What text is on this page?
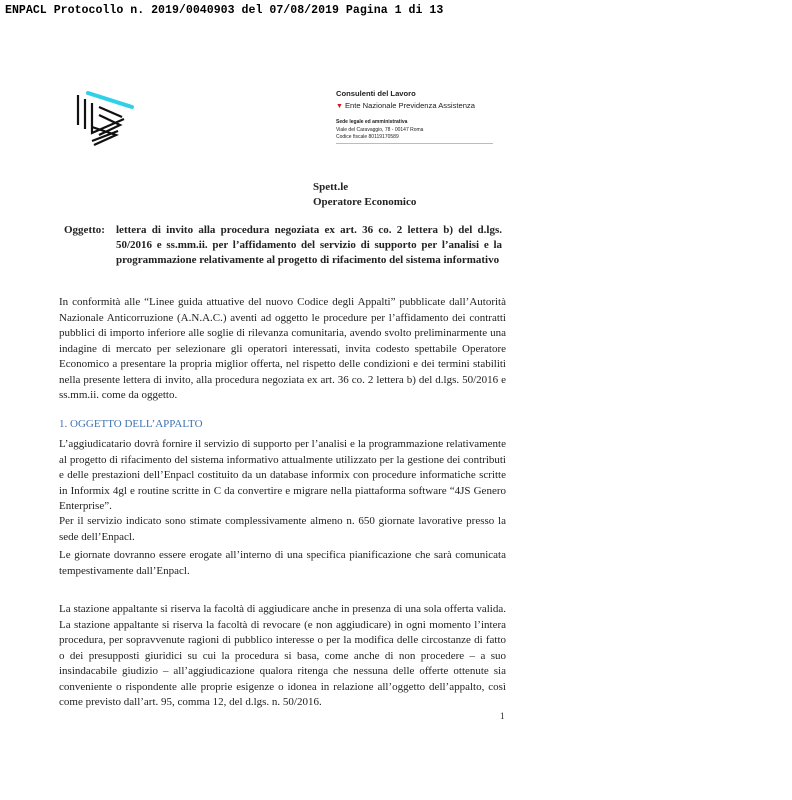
ENPACL Protocollo n. 2019/0040903 del 07/08/2019 Pagina 1 di 13
Consulenti del Lavoro
▼ Ente Nazionale Previdenza Assistenza
Sede legale ed amministrativa
Viale del Caravaggio, 78 - 00147 Roma
Codice fiscale 80119170589
Spett.le
Operatore Economico
Oggetto: lettera di invito alla procedura negoziata ex art. 36 co. 2 lettera b) del d.lgs. 50/2016 e ss.mm.ii. per l’affidamento del servizio di supporto per l’analisi e la programmazione relativamente al progetto di rifacimento del sistema informativo

In conformità alle “Linee guida attuative del nuovo Codice degli Appalti” pubblicate dall’Autorità Nazionale Anticorruzione (A.N.A.C.) aventi ad oggetto le procedure per l’affidamento dei contratti pubblici di importo inferiore alle soglie di rilevanza comunitaria, avendo svolto preliminarmente una indagine di mercato per selezionare gli operatori interessati, invita codesto spettabile Operatore Economico a presentare la propria miglior offerta, nel rispetto delle condizioni e dei termini stabiliti nella presente lettera di invito, alla procedura negoziata ex art. 36 co. 2 lettera b) del d.lgs. 50/2016 e ss.mm.ii. come da oggetto.

1. OGGETTO DELL’APPALTO

L’aggiudicatario dovrà fornire il servizio di supporto per l’analisi e la programmazione relativamente al progetto di rifacimento del sistema informativo attualmente utilizzato per la gestione dei contributi e delle prestazioni dell’Enpacl costituito da un database informix con procedure informatiche scritte in Informix 4gl e routine scritte in C da convertire e migrare nella piattaforma software “4JS Genero Enterprise”.

Per il servizio indicato sono stimate complessivamente almeno n. 650 giornate lavorative presso la sede dell’Enpacl.

Le giornate dovranno essere erogate all’interno di una specifica pianificazione che sarà comunicata tempestivamente dall’Enpacl.

La stazione appaltante si riserva la facoltà di aggiudicare anche in presenza di una sola offerta valida. La stazione appaltante si riserva la facoltà di revocare (e non aggiudicare) in ogni momento l’intera procedura, per sopravvenute ragioni di pubblico interesse o per la modifica delle circostanze di fatto o dei presupposti giuridici su cui la procedura si basa, come anche di non procedere – a suo insindacabile giudizio – all’aggiudicazione qualora ritenga che nessuna delle offerte ottenute sia conveniente o rispondente alle proprie esigenze o idonea in relazione all’oggetto dell’appalto, così come previsto dall’art. 95, comma 12, del d.lgs. n. 50/2016.

1
